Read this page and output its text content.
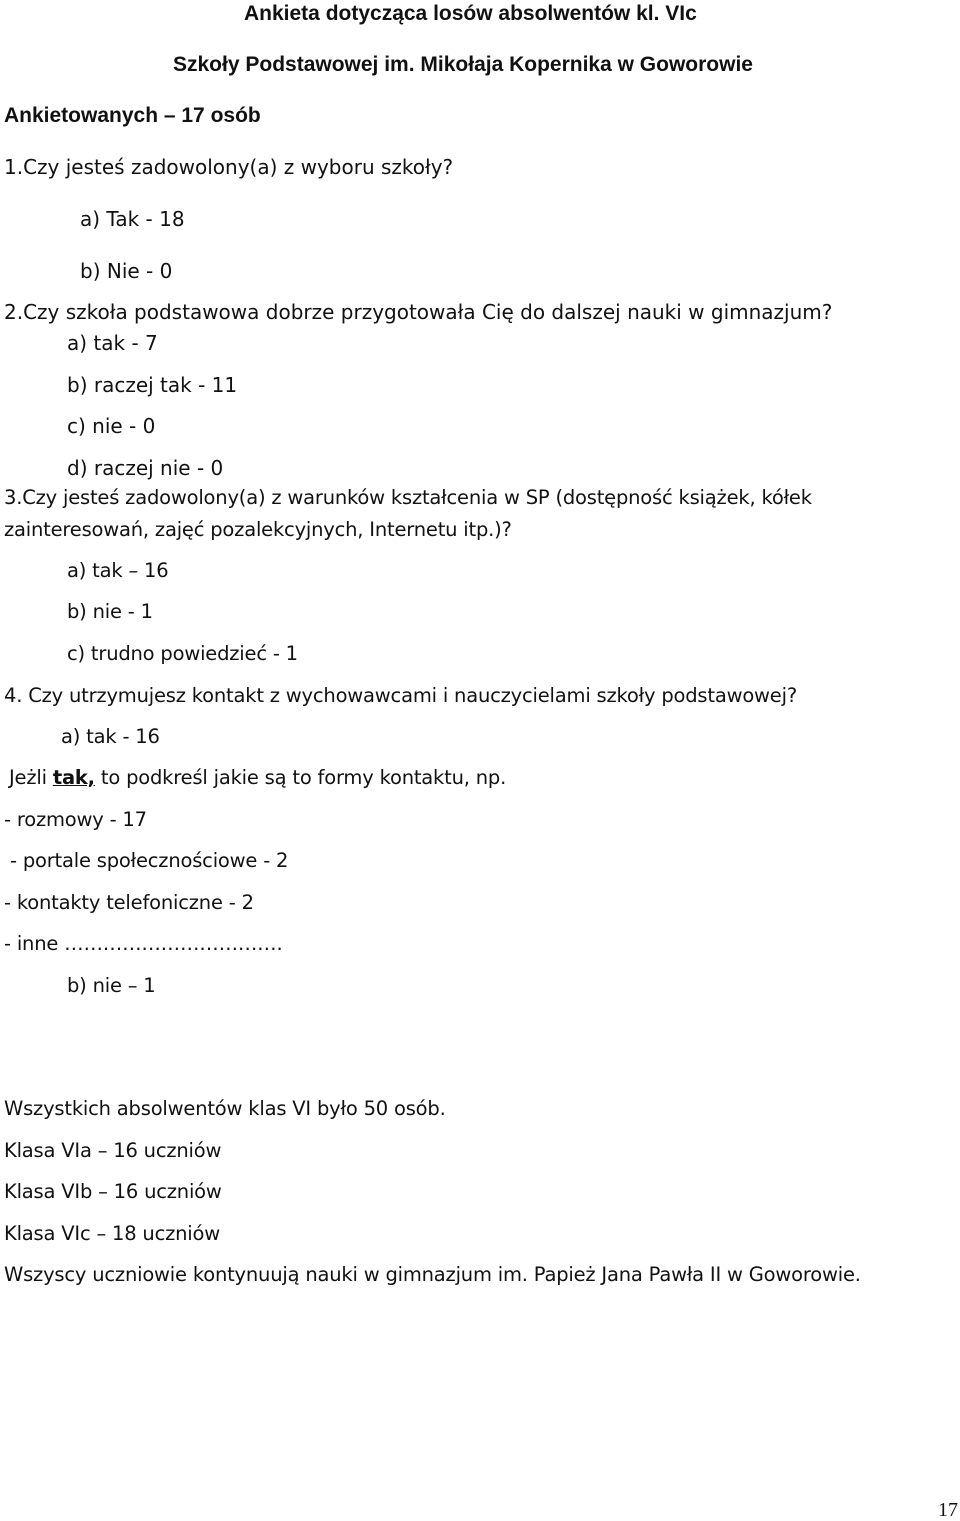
Ankieta dotycząca losów absolwentów kl. VIc
Szkoły Podstawowej im. Mikołaja Kopernika w Goworowie
Ankietowanych – 17 osób
1.Czy jesteś zadowolony(a) z wyboru szkoły?
a) Tak - 18
b) Nie - 0
2.Czy szkoła podstawowa dobrze przygotowała Cię do dalszej nauki w gimnazjum?
a) tak - 7
b) raczej tak - 11
c) nie - 0
d) raczej nie - 0
3.Czy jesteś zadowolony(a) z warunków kształcenia w SP (dostępność książek, kółek
zainteresowań, zajęć pozalekcyjnych, Internetu itp.)?
a) tak – 16
b) nie - 1
c) trudno powiedzieć - 1
4. Czy utrzymujesz kontakt z wychowawcami i nauczycielami szkoły podstawowej?
a) tak - 16
Jeżli tak, to podkreśl jakie są to formy kontaktu, np.
- rozmowy - 17
- portale społecznościowe - 2
- kontakty telefoniczne - 2
- inne …………………………….
b) nie – 1
Wszystkich absolwentów klas VI było 50 osób.
Klasa VIa – 16 uczniów
Klasa VIb – 16 uczniów
Klasa VIc – 18 uczniów
Wszyscy uczniowie kontynuują nauki w gimnazjum im. Papież Jana Pawła II w Goworowie.
17
